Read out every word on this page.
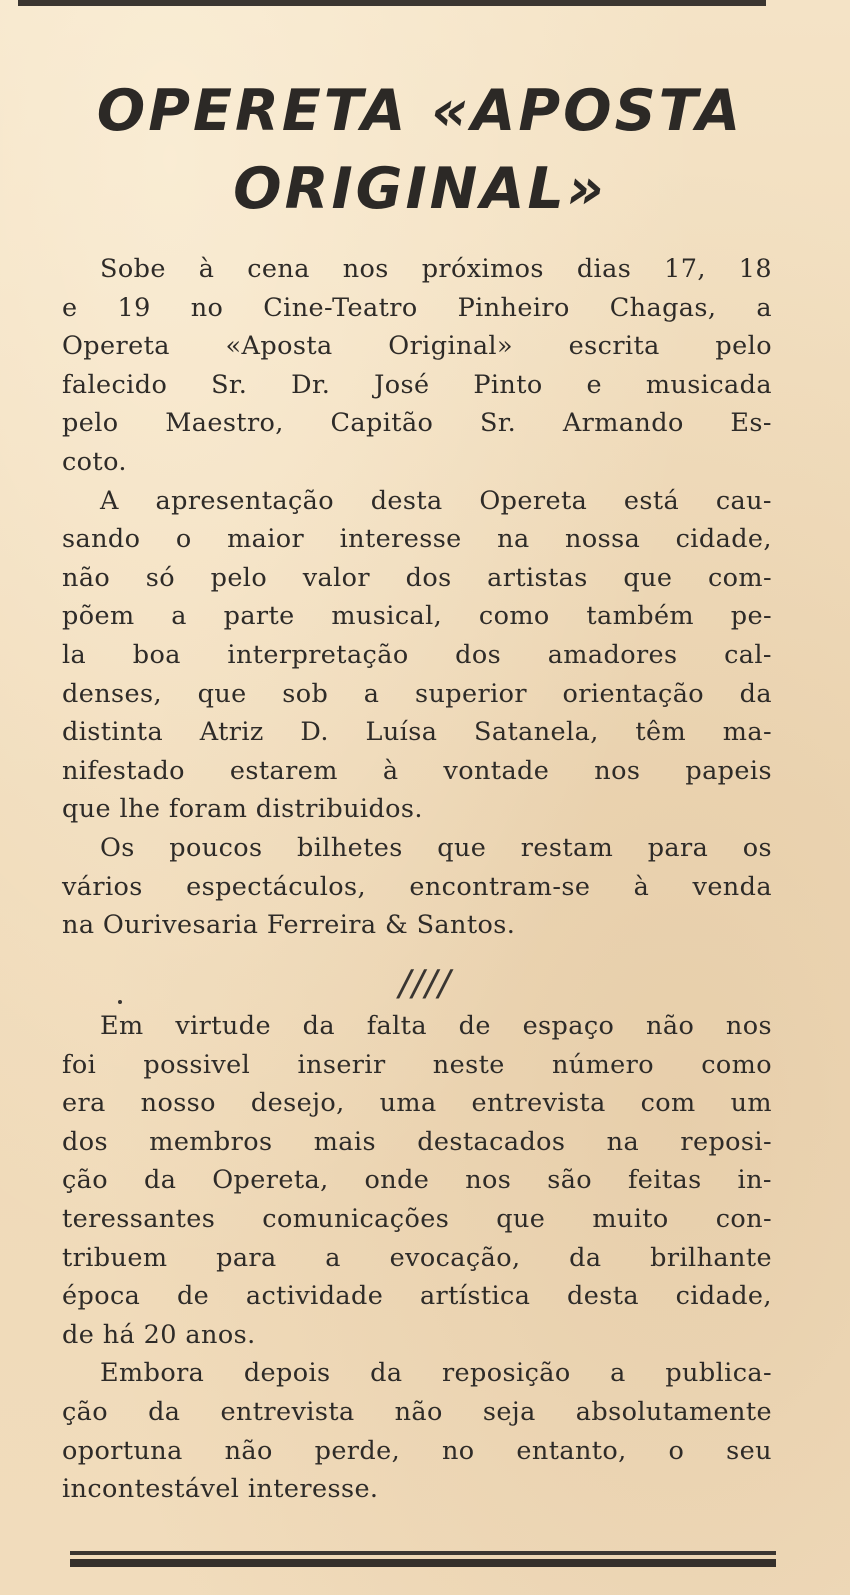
OPERETA «APOSTA
ORIGINAL»
Sobe à cena nos próximos dias 17, 18
e 19 no Cine-Teatro Pinheiro Chagas, a
Opereta «Aposta Original» escrita pelo
falecido Sr. Dr. José Pinto e musicada
pelo Maestro, Capitão Sr. Armando Es-
coto.
A apresentação desta Opereta está cau-
sando o maior interesse na nossa cidade,
não só pelo valor dos artistas que com-
põem a parte musical, como também pe-
la boa interpretação dos amadores cal-
denses, que sob a superior orientação da
distinta Atriz D. Luísa Satanela, têm ma-
nifestado estarem à vontade nos papeis
que lhe foram distribuidos.
Os poucos bilhetes que restam para os
vários espectáculos, encontram-se à venda
na Ourivesaria Ferreira & Santos.
////
Em virtude da falta de espaço não nos
foi possivel inserir neste número como
era nosso desejo, uma entrevista com um
dos membros mais destacados na reposi-
ção da Opereta, onde nos são feitas in-
teressantes comunicações que muito con-
tribuem para a evocação, da brilhante
época de actividade artística desta cidade,
de há 20 anos.
Embora depois da reposição a publica-
ção da entrevista não seja absolutamente
oportuna não perde, no entanto, o seu
incontestável interesse.
